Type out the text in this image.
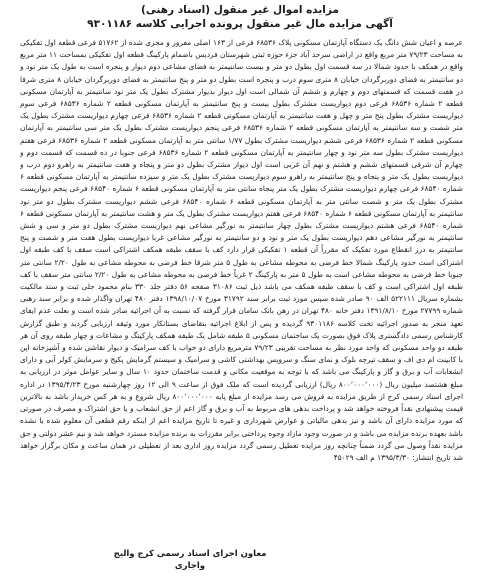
مزایده اموال غیر منقول (اسناد رهنی)
آگهی مزایده مال غیر منقول پرونده اجرایی کلاسه ۹۳۰۱۱۸۶

عرصه و اعیان شش دانگ یک دستگاه آپارتمان مسکونی پلاک ۶۸۵۳۶ فرعی از ۱۶۳ اصلی مفروز و مجزی شده از ۵۱۷۶۲ فرعی قطعه اول تفکیکی به مساحت ۷۹/۲۳ متر مربع واقع در اراضی سرحد آباد جزء حوزه ثبتی شهرستان فردیس باضمام پارکینگ قطعه اول تفکیکی بمساحت ۱۱ متر مربع واقع در همکف با حدود شمالا در سه قسمت اول بطول دو متر و بیست سانتیمتر به فضای مشاعی دوم دیوار و پنجره است به طول یک متر نود و دو سانتیمتر به فضای دوربرگردان خیابان ۸ متری سوم درب و پنجره است بطول دو متر و پنج سانتیمتر به فضای دوربرگردان خیابان ۸ متری شرقا در هفت قسمت که قسمتهای دوم و چهارم و ششم آن شمالی است اول دیوار بدیوار مشترک بطول یک متر نود سانتیمتر به آپارتمان مسکونی قطعه ۲ شماره ۶۸۵۳۶ فرعی دوم دیواریست مشترک بطول بیست و پنج سانتیمتر به آپارتمان مسکونی قطعه ۲ شماره ۶۸۵۳۶ فرعی سوم دیواریست مشترک بطول پنج متر و چهل و هفت سانتیمتر به آپارتمان مسکونی قطعه ۲ شماره ۶۸۵۳۶ فرعی چهارم دیواریست مشترک بطول یک متر شصت و سه سانتیمتر به آپارتمان مسکونی قطعه ۲ شماره ۶۸۵۳۶ فرعی پنجم دیواریست مشترک بطول یک متر سی سانتیمتر به آپارتمان مسکونی قطعه ۲ شماره ۶۸۵۳۶ فرعی ششم دیواریست مشترک بطول ۱/۷۷ سانتی متر به آپارتمان مسکونی قطعه ۲ شماره ۶۸۵۳۶ فرعی هفتم دیواریست مشترک بطول سه متر نود و چهار سانتیمتر به آپارتمان مسکونی قطعه ۲ شماره ۶۸۵۳۶ فرعی جنوبا در ده قسمت که قسمت دوم و چهارم آن شرقی قسمتهای ششم و هشتم و نهم آن غربی است اول دیوار مشترک بطول دو متر و پنجاه و هفت سانتیمتر به راهرو دوم درب و دیواریست بطول یک متر و پنجاه و پنج سانتیمتر به راهرو سوم دیواریست مشترک بطول یک متر و سیزده سانتیمتر به آپارتمان مسکونی قطعه ۶ شماره ۶۸۵۴۰ فرعی چهارم دیواریست مشترک بطول یک متر پنجاه سانتی متر به آپارتمان مسکونی قطعه ۶ شماره ۶۸۵۴۰ فرعی پنجم دیواریست مشترک بطول یک متر و شصت سانتی متر به آپارتمان مسکونی قطعه ۶ شماره ۶۸۵۴۰ فرعی ششم دیواریست مشترک بطول دو متر نود سانتیمتر به آپارتمان مسکونی قطعه ۶ شماره ۶۸۵۴۰ فرعی هفتم دیواریست مشترک بطول یک متر و هشت سانتیمتر به آپارتمان مسکونی قطعه ۶ شماره ۶۸۵۴۰ فرعی هشتم دیواریست مشترک بطول چهار سانتیمتر به نورگیر مشاعی نهم دیواریست مشترک بطول دو متر و سی و شش سانتیمتر به نورگیر مشاعی دهم دیواریست بطول یک متر و نود و دو سانتیمتر به نورگیر مشاعی غربا دیواریست بطول هفت متر و شصت و پنج سانتیمتر به درز انقطاع مورد تفکیک که مقرراً آن قطعه ۱ تفکیکی قرار دارد کف با سقف طبقه همکف اشتراکی است سقف با کف طبقه اول اشتراکی است حدود پارکینگ شمالا خط فرضی به محوطه مشاعی به طول ۵ متر شرقا خط فرضی به محوطه مشاعی به طول ۲/۲۰ سانتی متر جنوبا خط فرضی به محوطه مشاعی است به طول ۵ متر به پارکینگ ۲ غرباً خط فرضی به محوطه مشاعی به طول ۲/۲۰ سانتی متر سقف با کف طبقه اول اشتراکی است و کف با سقف طبقه همکف می باشد ذیل ثبت ۳۱۰۸۶ صفحه ۵۶ دفتر جلد ۳۳۰ بنام محمود جلی ثبت و سند مالکیت بشماره سریال ۵۲۲۱۱۱ الف ۹۰ صادر شده سپس مورد ثبت برابر سند ۳۱۷۹۲ مورخ ۱۳۹۸/۱۰/۰۷ دفتر ۴۸۰ تهران واگذار شده و برابر سند رهنی شماره ۲۷۷۹۹ مورخ ۱۳۹۱/۸/۱۰ دفتر خانه ۴۸۰ تهران در رهن بانک سامان قرار گرفته که نسبت به آن اجرائیه صادر شده است و بعلت عدم ایفای تعهد منجر به صدور اجرائیه تحت کلاسه ۹۳۰۱۱۸۶ گردیده و پس از ابلاغ اجرائیه بتقاضای بستانکار مورد وثیقه ارزیابی گردید و طبق گزارش کارشناس رسمی دادگستری پلاک فوق بصورت یک ساختمان مسکونی ۵ طبقه شامل یک طبقه همکف پارکینگ و مشاعات و چهار طبقه روی آن هر طبقه دو واحد مسکونی که واحد مورد نظر به مساحت تقریبی ۷۹/۲۳ مترمربع دارای دو خواب با کف سرامیک و دیوار نقاشی شده و آشپزخانه اپن با کابینت ام دی اف و سقف تیرچه بلوک و نمای سنگ و سرویس بهداشتی کاشی و سرامیک و سیستم گرمایش پکیج و سرمایش کولر آبی و دارای انشعابات آب و برق و گاز و پارکینگ می باشد که با توجه به موقعیت مکانی و قدمت ساختمان حدود ۱۰ سال و سایر عوامل موثر در ارزیابی به مبلغ هشتصد میلیون ریال (۸۰۰٬۰۰۰٬۰۰۰ ریال) ارزیابی گردیده است که ملک فوق از ساعت ۹ الی ۱۲ روز چهارشنبه مورخ ۱۳۹۵/۴/۲۳ در اداره اجرای اسناد رسمی کرج از طریق مزایده به فروش می رسد مزایده از مبلغ پایه ۸۰۰٬۰۰۰٬۰۰۰ ریال شروع و به هر کس خریدار باشد به بالاترین قیمت پیشنهادی نقداً فروخته خواهد شد و پرداخت بدهی های مربوط به آب و برق و گاز اعم از حق انشعاب و یا حق اشتراک و مصرف در صورتی که مورد مزایده دارای آن باشد و نیز بدهی مالیاتی و عوارض شهرداری و غیره تا تاریخ مزایده اعم از اینکه رقم قطعی آن معلوم شده یا نشده باشد بعهده برنده مزایده می باشد و در صورت وجود مازاد وجوه پرداختی برابر مقررات به برنده مزایده مسترد خواهد شد و نیم عشر دولتی و حق مزایده نقداً وصول می گردد ضمناً چنانچه روز مزایده تعطیل رسمی گردد مزایده روز اداری بعد از تعطیلی در همان ساعت و مکان برگزار خواهد شد تاریخ انتشار: ۱۳۹۵/۳/۳۰ م الف ۴۵۰۲۹

معاون اجرای اسناد رسمی کرج والیج واجاری
